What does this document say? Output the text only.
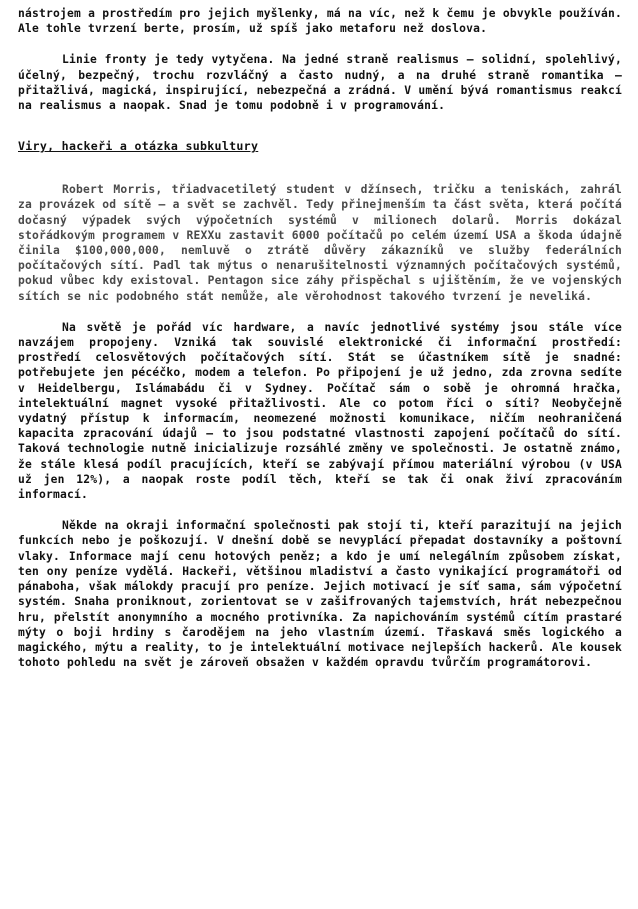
nástrojem a prostředím pro jejich myšlenky, má na víc, než k čemu je obvykle používán. Ale tohle tvrzení berte, prosím, už spíš jako metaforu než doslova.

Linie fronty je tedy vytyčena. Na jedné straně realismus – solidní, spolehlivý, účelný, bezpečný, trochu rozvláčný a často nudný, a na druhé straně romantika – přitažlivá, magická, inspirující, nebezpečná a zrádná. V umění bývá romantismus reakcí na realismus a naopak. Snad je tomu podobně i v programování.

Viry, hackeři a otázka subkultury

Robert Morris, třiadvacetiletý student v džínsech, tričku a teniskách, zahrál za provázek od sítě – a svět se zachvěl. Tedy přinejmenším ta část světa, která počítá dočasný výpadek svých výpočetních systémů v milionech dolarů. Morris dokázal stořádkovým programem v REXXu zastavit 6000 počítačů po celém území USA a škoda údajně činila $100,000,000, nemluvě o ztrátě důvěry zákazníků ve služby federálních počítačových sítí. Padl tak mýtus o nenarušitelnosti významných počítačových systémů, pokud vůbec kdy existoval. Pentagon sice záhy přispěchal s ujištěním, že ve vojenských sítích se nic podobného stát nemůže, ale věrohodnost takového tvrzení je neveliká.

Na světě je pořád víc hardware, a navíc jednotlivé systémy jsou stále více navzájem propojeny. Vzniká tak souvislé elektronické či informační prostředí: prostředí celosvětových počítačových sítí. Stát se účastníkem sítě je snadné: potřebujete jen pécéčko, modem a telefon. Po připojení je už jedno, zda zrovna sedíte v Heidelbergu, Islámabádu či v Sydney. Počítač sám o sobě je ohromná hračka, intelektuální magnet vysoké přitažlivosti. Ale co potom říci o síti? Neobyčejně vydatný přístup k informacím, neomezené možnosti komunikace, ničím neohraničená kapacita zpracování údajů – to jsou podstatné vlastnosti zapojení počítačů do sítí. Taková technologie nutně inicializuje rozsáhlé změny ve společnosti. Je ostatně známo, že stále klesá podíl pracujících, kteří se zabývají přímou materiální výrobou (v USA už jen 12%), a naopak roste podíl těch, kteří se tak či onak živí zpracováním informací.

Někde na okraji informační společnosti pak stojí ti, kteří parazitují na jejich funkcích nebo je poškozují. V dnešní době se nevyplácí přepadat dostavníky a poštovní vlaky. Informace mají cenu hotových peněz; a kdo je umí nelegálním způsobem získat, ten ony peníze vydělá. Hackeři, většinou mladiství a často vynikající programátoři od pánaboha, však málokdy pracují pro peníze. Jejich motivací je síť sama, sám výpočetní systém. Snaha proniknout, zorientovat se v zašifrovaných tajemstvích, hrát nebezpečnou hru, přelstít anonymního a mocného protivníka. Za napichováním systémů cítím prastaré mýty o boji hrdiny s čarodějem na jeho vlastním území. Třaskavá směs logického a magického, mýtu a reality, to je intelektuální motivace nejlepších hackerů. Ale kousek tohoto pohledu na svět je zároveň obsažen v každém opravdu tvůrčím programátorovi.
